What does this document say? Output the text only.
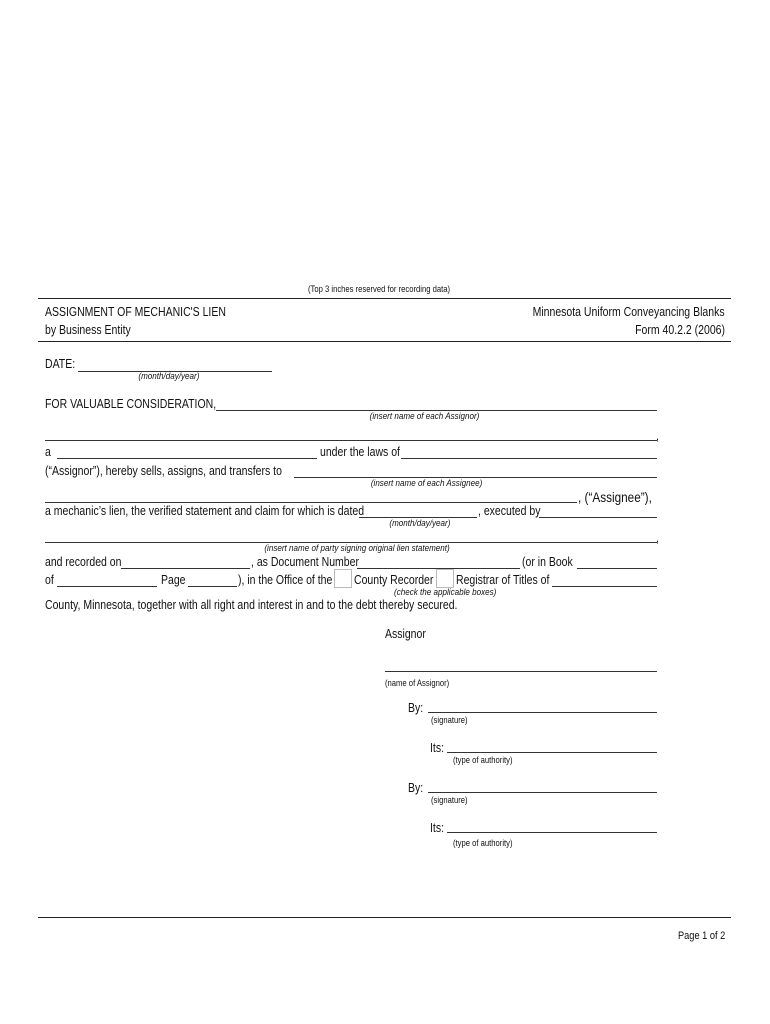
(Top 3 inches reserved for recording data)
ASSIGNMENT OF MECHANIC'S LIEN
by Business Entity
Minnesota Uniform Conveyancing Blanks
Form 40.2.2 (2006)
DATE:
(month/day/year)
FOR VALUABLE CONSIDERATION,
(insert name of each Assignor)
,
a	under the laws of
(“Assignor”), hereby sells, assigns, and transfers to
(insert name of each Assignee)
, (“Assignee”),
a mechanic’s lien, the verified statement and claim for which is dated	, executed by
(month/day/year)
,
(insert name of party signing original lien statement)
and recorded on	, as Document Number	(or in Book
of	Page	), in the Office of the County Recorder Registrar of Titles of
(check the applicable boxes)
County, Minnesota, together with all right and interest in and to the debt thereby secured.
Assignor
(name of Assignor)
By:
(signature)
Its:
(type of authority)
By:
(signature)
Its:
(type of authority)
Page 1 of 2
